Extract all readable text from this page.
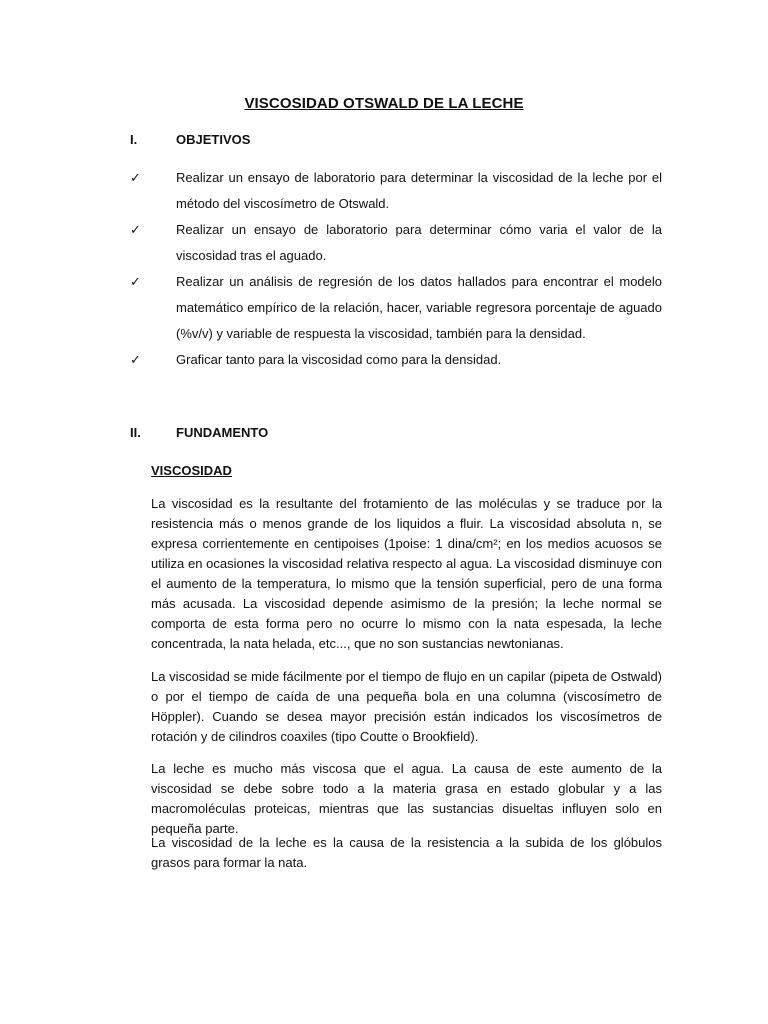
VISCOSIDAD OTSWALD DE LA LECHE
I.	OBJETIVOS
✓	Realizar un ensayo de laboratorio para determinar la viscosidad de la leche por el método del viscosímetro de Otswald.
✓	Realizar un ensayo de laboratorio para determinar cómo varia el valor de la viscosidad tras el aguado.
✓	Realizar un análisis de regresión de los datos hallados para encontrar el modelo matemático empírico de la relación, hacer, variable regresora porcentaje de aguado (%v/v) y variable de respuesta la viscosidad, también para la densidad.
✓	Graficar tanto para la viscosidad como para la densidad.
II.	FUNDAMENTO
VISCOSIDAD
La viscosidad es la resultante del frotamiento de las moléculas y se traduce por la resistencia más o menos grande de los liquidos a fluir. La viscosidad absoluta n, se expresa corrientemente en centipoises (1poise: 1 dina/cm²; en los medios acuosos se utiliza en ocasiones la viscosidad relativa respecto al agua. La viscosidad disminuye con el aumento de la temperatura, lo mismo que la tensión superficial, pero de una forma más acusada. La viscosidad depende asimismo de la presión; la leche normal se comporta de esta forma pero no ocurre lo mismo con la nata espesada, la leche concentrada, la nata helada, etc..., que no son sustancias newtonianas.
La viscosidad se mide fácilmente por el tiempo de flujo en un capilar (pipeta de Ostwald) o por el tiempo de caída de una pequeña bola en una columna (viscosímetro de Höppler). Cuando se desea mayor precisión están indicados los viscosímetros de rotación y de cilindros coaxiles (tipo Coutte o Brookfield).
La leche es mucho más viscosa que el agua. La causa de este aumento de la viscosidad se debe sobre todo a la materia grasa en estado globular y a las macromoléculas proteicas, mientras que las sustancias disueltas influyen solo en pequeña parte.
La viscosidad de la leche es la causa de la resistencia a la subida de los glóbulos grasos para formar la nata.
